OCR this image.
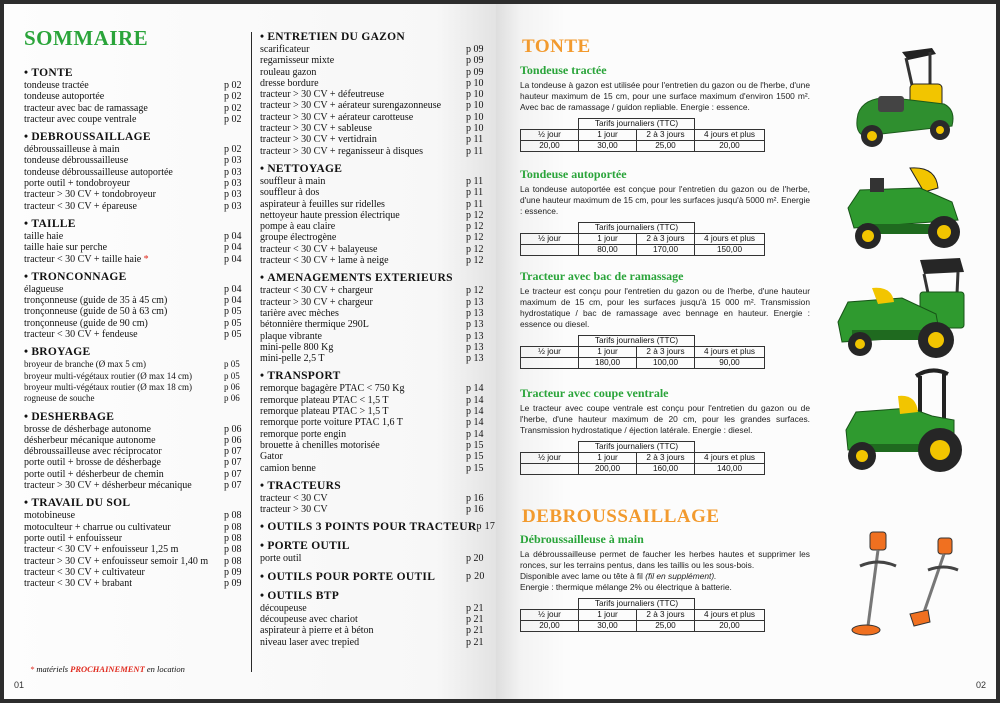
SOMMAIRE
• TONTE
tondeuse tractée	p 02
tondeuse autoportée	p 02
tracteur avec bac de ramassage	p 02
tracteur avec coupe ventrale	p 02
• DEBROUSSAILLAGE
débroussailleuse à main	p 02
tondeuse débroussailleuse	p 03
tondeuse débroussailleuse autoportée	p 03
porte outil + tondobroyeur	p 03
tracteur > 30 CV + tondobroyeur	p 03
tracteur < 30 CV + épareuse	p 03
• TAILLE
taille haie	p 04
taille haie sur perche	p 04
tracteur < 30 CV + taille haie *	p 04
• TRONCONNAGE
élagueuse	p 04
tronçonneuse (guide de 35 à 45 cm)	p 04
tronçonneuse (guide de 50 à 63 cm)	p 05
tronçonneuse (guide de 90 cm)	p 05
tracteur < 30 CV + fendeuse	p 05
• BROYAGE
broyeur de branche (Ø max 5 cm)	p 05
broyeur multi-végétaux routier (Ø max 14 cm)	p 05
broyeur multi-végétaux routier (Ø max 18 cm)	p 06
rogneuse de souche	p 06
• DESHERBAGE
brosse de désherbage autonome	p 06
désherbeur mécanique autonome	p 06
débroussailleuse avec réciprocator	p 07
porte outil + brosse de désherbage	p 07
porte outil + désherbeur de chemin	p 07
tracteur > 30 CV + désherbeur mécanique	p 07
• TRAVAIL DU SOL
motobineuse	p 08
motoculteur + charrue ou cultivateur	p 08
porte outil + enfouisseur	p 08
tracteur < 30 CV + enfouisseur 1,25 m	p 08
tracteur > 30 CV + enfouisseur semoir 1,40 m p 08
tracteur < 30 CV + cultivateur	p 09
tracteur < 30 CV + brabant	p 09
• ENTRETIEN DU GAZON
scarificateur	p 09
regarnisseur mixte	p 09
rouleau gazon	p 09
dresse bordure	p 10
tracteur > 30 CV + défeutreuse	p 10
tracteur > 30 CV + aérateur surengazonneuse p 10
tracteur > 30 CV + aérateur carotteuse	p 10
tracteur > 30 CV + sableuse	p 10
tracteur > 30 CV + vertidrain	p 11
tracteur > 30 CV + reganisseur à disques	p 11
• NETTOYAGE
souffleur à main	p 11
souffleur à dos	p 11
aspirateur à feuilles sur ridelles	p 11
nettoyeur haute pression électrique	p 12
pompe à eau claire	p 12
groupe électrogène	p 12
tracteur < 30 CV + balayeuse	p 12
tracteur < 30 CV + lame à neige	p 12
• AMENAGEMENTS EXTERIEURS
tracteur < 30 CV + chargeur	p 12
tracteur > 30 CV + chargeur	p 13
tarière avec mèches	p 13
bétonnière thermique 290L	p 13
plaque vibrante	p 13
mini-pelle 800 Kg	p 13
mini-pelle 2,5 T	p 13
• TRANSPORT
remorque bagagère PTAC < 750 Kg	p 14
remorque plateau PTAC < 1,5 T	p 14
remorque plateau PTAC > 1,5 T	p 14
remorque porte voiture PTAC 1,6 T	p 14
remorque porte engin	p 14
brouette à chenilles motorisée	p 15
Gator	p 15
camion benne	p 15
• TRACTEURS
tracteur < 30 CV	p 16
tracteur > 30 CV	p 16
• OUTILS 3 POINTS POUR TRACTEUR p 17
• PORTE OUTIL
porte outil	p 20
• OUTILS POUR PORTE OUTIL	p 20
• OUTILS BTP
découpeuse	p 21
découpeuse avec chariot	p 21
aspirateur à pierre et à béton	p 21
niveau laser avec trepied	p 21
* matériels PROCHAINEMENT en location
01
TONTE
DEBROUSSAILLAGE
Tondeuse tractée
La tondeuse à gazon est utilisée pour l'entretien du gazon ou de l'herbe, d'une hauteur maximum de 15 cm, pour une surface maximum d'environ 1500 m². Avec bac de ramassage / guidon repliable. Energie : essence.
	Tarifs journaliers (TTC)		
½ jour	1 jour	2 à 3 jours	4 jours et plus
20,00	30,00	25,00	20,00
Tondeuse autoportée
La tondeuse autoportée est conçue pour l'entretien du gazon ou de l'herbe, d'une hauteur maximum de 15 cm, pour les surfaces jusqu'à 5000 m². Energie : essence.
	Tarifs journaliers (TTC)		
½ jour	1 jour	2 à 3 jours	4 jours et plus
	80,00	170,00	150,00
Tracteur avec bac de ramassage
Le tracteur est conçu pour l'entretien du gazon ou de l'herbe, d'une hauteur maximum de 15 cm, pour les surfaces jusqu'à 15 000 m². Transmission hydrostatique / bac de ramassage avec bennage en hauteur. Energie : essence ou diesel.
	Tarifs journaliers (TTC)		
½ jour	1 jour	2 à 3 jours	4 jours et plus
	180,00	100,00	90,00
Tracteur avec coupe ventrale
Le tracteur avec coupe ventrale est conçu pour l'entretien du gazon ou de l'herbe, d'une hauteur maximum de 20 cm, pour les grandes surfaces. Transmission hydrostatique / éjection latérale. Energie : diesel.
	Tarifs journaliers (TTC)		
½ jour	1 jour	2 à 3 jours	4 jours et plus
	200,00	160,00	140,00
Débroussailleuse à main
La débroussailleuse permet de faucher les herbes hautes et supprimer les ronces, sur les terrains pentus, dans les taillis ou les sous-bois.
Disponible avec lame ou tête à fil (fil en supplément).
Energie : thermique mélange 2% ou électrique à batterie.
	Tarifs journaliers (TTC)		
½ jour	1 jour	2 à 3 jours	4 jours et plus
20,00	30,00	25,00	20,00
02
